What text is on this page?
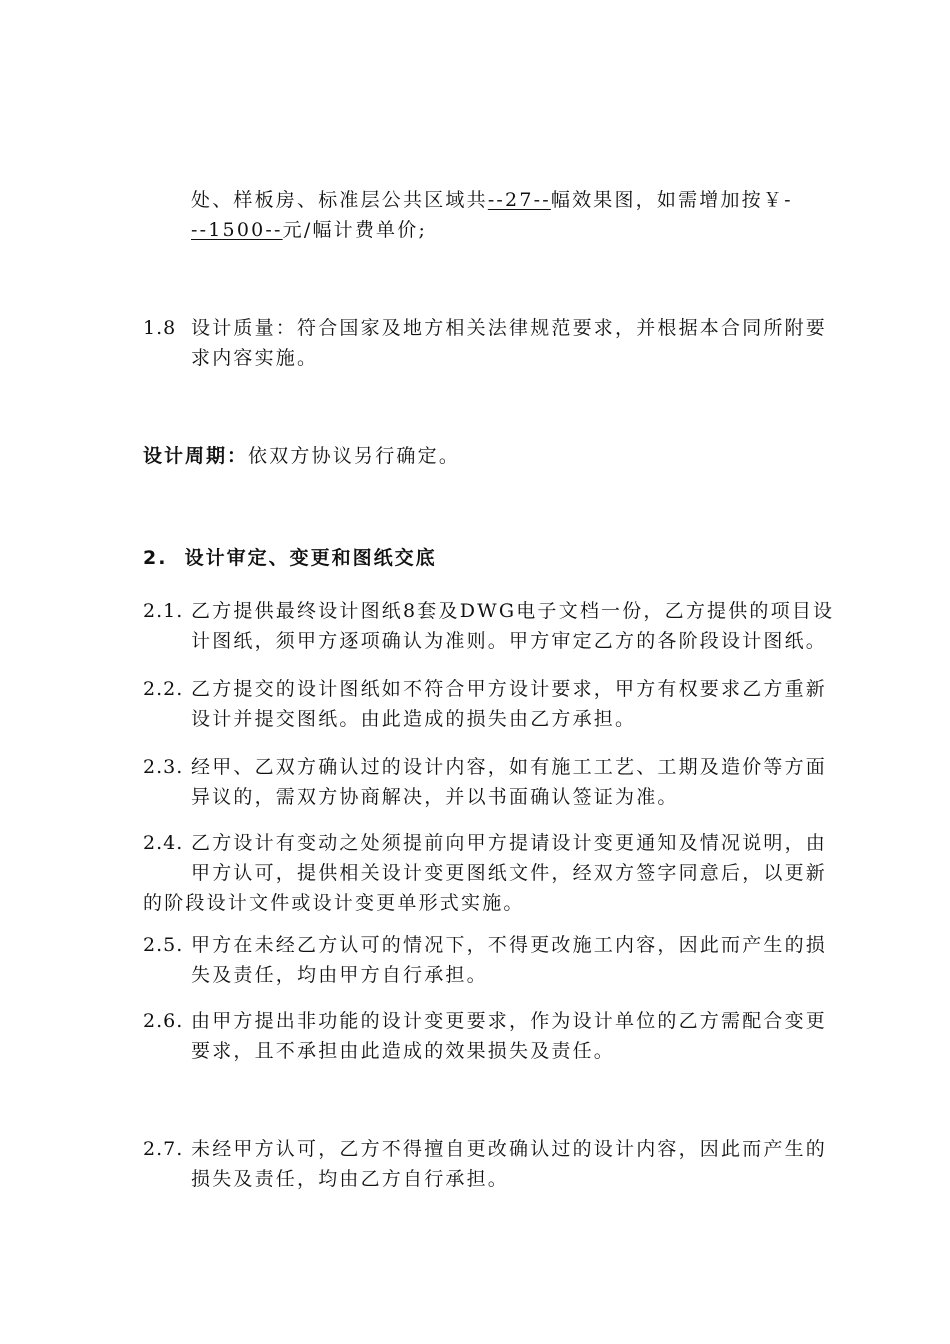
处、样板房、标准层公共区域共--27--幅效果图，如需增加按￥-
--1500--元/幅计费单价;
1.8 设计质量：符合国家及地方相关法律规范要求，并根据本合同所附要
求内容实施。
设计周期：依双方协议另行确定。
2.  设计审定、变更和图纸交底
2.1. 乙方提供最终设计图纸8套及DWG电子文档一份，乙方提供的项目设
计图纸，须甲方逐项确认为准则。甲方审定乙方的各阶段设计图纸。
2.2. 乙方提交的设计图纸如不符合甲方设计要求，甲方有权要求乙方重新
设计并提交图纸。由此造成的损失由乙方承担。
2.3. 经甲、乙双方确认过的设计内容，如有施工工艺、工期及造价等方面
异议的，需双方协商解决，并以书面确认签证为准。
2.4. 乙方设计有变动之处须提前向甲方提请设计变更通知及情况说明，由
甲方认可，提供相关设计变更图纸文件，经双方签字同意后，以更新
的阶段设计文件或设计变更单形式实施。
2.5. 甲方在未经乙方认可的情况下，不得更改施工内容，因此而产生的损
失及责任，均由甲方自行承担。
2.6. 由甲方提出非功能的设计变更要求，作为设计单位的乙方需配合变更
要求，且不承担由此造成的效果损失及责任。
2.7. 未经甲方认可，乙方不得擅自更改确认过的设计内容，因此而产生的
损失及责任，均由乙方自行承担。
